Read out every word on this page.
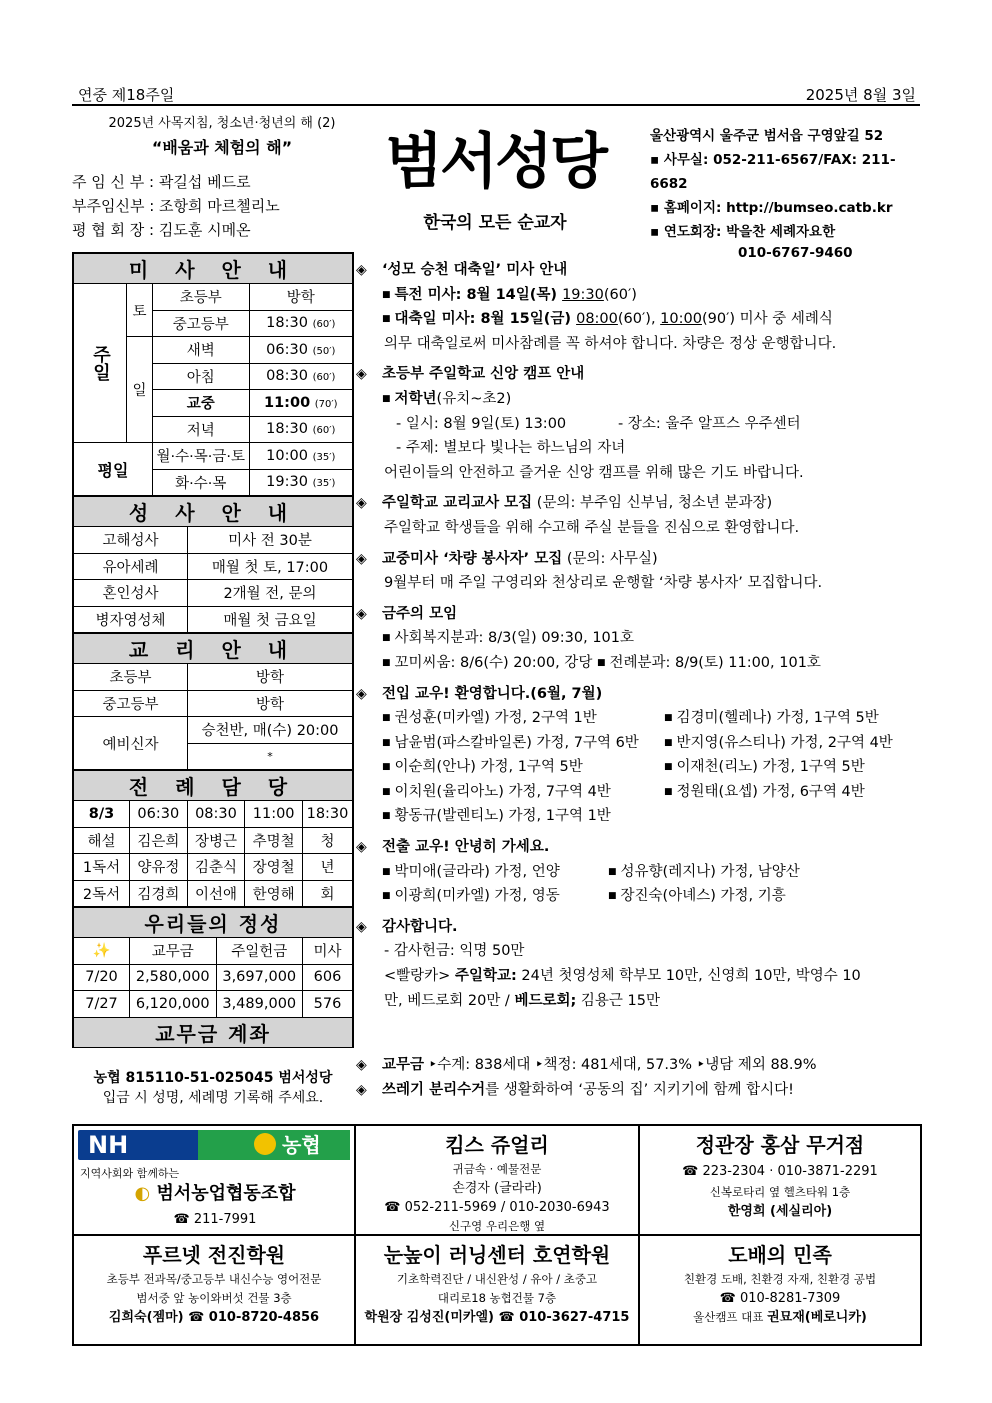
연중 제18주일	2025년 8월 3일
2025년 사목지침, 청소년·청년의 해 (2)
“배움과 체험의 해”
주 임 신 부 : 곽길섭 베드로
부주임신부 : 조항희 마르첼리노
평 협 회 장 : 김도훈 시메온
범서성당
한국의 모든 순교자
울산광역시 울주군 범서읍 구영앞길 52
▪ 사무실: 052-211-6567/FAX: 211-6682
▪ 홈페이지: http://bumseo.catb.kr
▪ 연도회장: 박을찬 세례자요한
010-6767-9460
미 사 안 내			
주일	토	초등부	방학
		중고등부	18:30 (60′)
	일	새벽	06:30 (50′)
		아침	08:30 (60′)
		교중	11:00 (70′)
		저녁	18:30 (60′)
평일		월·수·목·금·토	10:00 (35′)
		화·수·목	19:30 (35′)
성 사 안 내	
고해성사	미사 전 30분
유아세례	매월 첫 토, 17:00
혼인성사	2개월 전, 문의
병자영성체	매월 첫 금요일
교 리 안 내	
초등부	방학
중고등부	방학
예비신자	승천반, 매(수) 20:00
	*
전 례 담 당				
8/3	06:30	08:30	11:00	18:30
해설	김은희	장병근	추명철	청
1독서	양유정	김춘식	장영철	년
2독서	김경희	이선애	한영해	회
우리들의 정성			
✨	교무금	주일헌금	미사
7/20	2,580,000	3,697,000	606
7/27	6,120,000	3,489,000	576
교무금 계좌			
농협 815110-51-025045 범서성당
입금 시 성명, 세례명 기록해 주세요.
◈ ‘성모 승천 대축일’ 미사 안내
■ 특전 미사: 8월 14일(목) 19:30(60′)
■ 대축일 미사: 8월 15일(금) 08:00(60′), 10:00(90′) 미사 중 세례식
의무 대축일로써 미사참례를 꼭 하셔야 합니다. 차량은 정상 운행합니다.
◈ 초등부 주일학교 신앙 캠프 안내
■ 저학년(유치~초2)
- 일시: 8월 9일(토) 13:00	- 장소: 울주 알프스 우주센터
- 주제: 별보다 빛나는 하느님의 자녀
어린이들의 안전하고 즐거운 신앙 캠프를 위해 많은 기도 바랍니다.
◈ 주일학교 교리교사 모집 (문의: 부주임 신부님, 청소년 분과장)
주일학교 학생들을 위해 수고해 주실 분들을 진심으로 환영합니다.
◈ 교중미사 ‘차량 봉사자’ 모집 (문의: 사무실)
9월부터 매 주일 구영리와 천상리로 운행할 ‘차량 봉사자’ 모집합니다.
◈ 금주의 모임
■ 사회복지분과: 8/3(일) 09:30, 101호
■ 꼬미씨움: 8/6(수) 20:00, 강당 ■ 전례분과: 8/9(토) 11:00, 101호
◈ 전입 교우! 환영합니다.(6월, 7월)
■ 권성훈(미카엘) 가정, 2구역 1반	■ 김경미(헬레나) 가정, 1구역 5반
■ 남윤범(파스칼바일론) 가정, 7구역 6반	■ 반지영(유스티나) 가정, 2구역 4반
■ 이순희(안나) 가정, 1구역 5반	■ 이재천(리노) 가정, 1구역 5반
■ 이치원(율리아노) 가정, 7구역 4반	■ 정원태(요셉) 가정, 6구역 4반
■ 황동규(발렌티노) 가정, 1구역 1반
◈ 전출 교우! 안녕히 가세요.
■ 박미애(글라라) 가정, 언양	■ 성유향(레지나) 가정, 남양산
■ 이광희(미카엘) 가정, 영동	■ 장진숙(아녜스) 가정, 기흥
◈ 감사합니다.
- 감사헌금: 익명 50만
<빨랑카> 주일학교: 24년 첫영성체 학부모 10만, 신영희 10만, 박영수 10
만, 베드로회 20만 / 베드로회; 김용근 15만
◈ 교무금 ‣수계: 838세대 ‣책정: 481세대, 57.3% ‣냉담 제외 88.9%
◈ 쓰레기 분리수거를 생활화하여 ‘공동의 집’ 지키기에 함께 합시다!
NH	농협
지역사회와 함께하는
◐ 범서농업협동조합
☎ 211-7991
킴스 쥬얼리
귀금속 · 예물전문
손경자 (글라라)
☎ 052-211-5969 / 010-2030-6943
신구영 우리은행 옆
정관장 홍삼 무거점
☎ 223-2304 · 010-3871-2291
신복로타리 옆 헬츠타워 1층
한영희 (세실리아)
푸르넷 전진학원
초등부 전과목/중고등부 내신수능 영어전문
범서중 앞 농이와버섯 건물 3층
김희숙(젬마) ☎ 010-8720-4856
눈높이 러닝센터 호연학원
기초학력진단 / 내신완성 / 유아 / 초중고
대리로18 농협건물 7층
학원장 김성진(미카엘) ☎ 010-3627-4715
도배의 민족
친환경 도배, 친환경 자재, 친환경 공법
☎ 010-8281-7309
울산캠프 대표 권묘재(베로니카)
